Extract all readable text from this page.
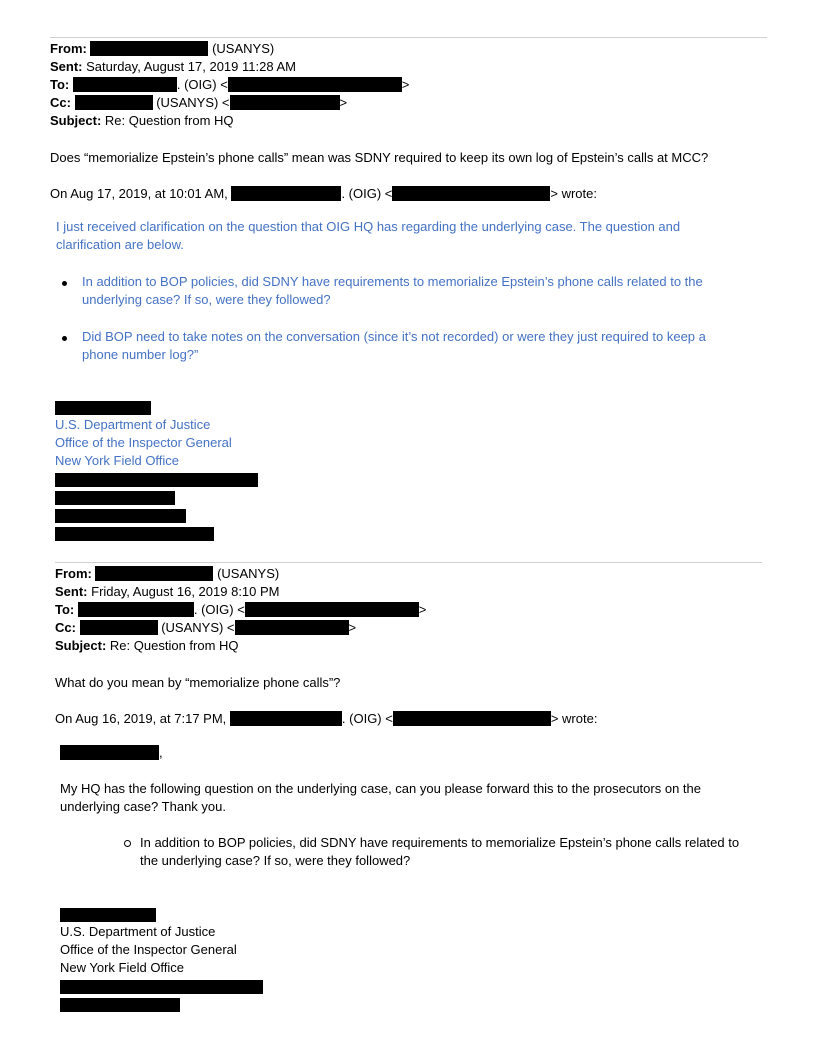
From:	(USANYS)
Sent: Saturday, August 17, 2019 11:28 AM
To:	. (OIG) <	>
Cc:	(USANYS) <	>
Subject: Re: Question from HQ
Does “memorialize Epstein’s phone calls” mean was SDNY required to keep its own log of Epstein’s calls at MCC?
On Aug 17, 2019, at 10:01 AM,	. (OIG) <	> wrote:
I just received clarification on the question that OIG HQ has regarding the underlying case. The question and clarification are below.
In addition to BOP policies, did SDNY have requirements to memorialize Epstein’s phone calls related to the underlying case? If so, were they followed?
Did BOP need to take notes on the conversation (since it’s not recorded) or were they just required to keep a phone number log?”
U.S. Department of Justice
Office of the Inspector General
New York Field Office
From:	(USANYS)
Sent: Friday, August 16, 2019 8:10 PM
To:	. (OIG) <	>
Cc:	(USANYS) <	>
Subject: Re: Question from HQ
What do you mean by “memorialize phone calls”?
On Aug 16, 2019, at 7:17 PM,	. (OIG) <	> wrote:
,
My HQ has the following question on the underlying case, can you please forward this to the prosecutors on the underlying case? Thank you.
In addition to BOP policies, did SDNY have requirements to memorialize Epstein’s phone calls related to the underlying case? If so, were they followed?
U.S. Department of Justice
Office of the Inspector General
New York Field Office
